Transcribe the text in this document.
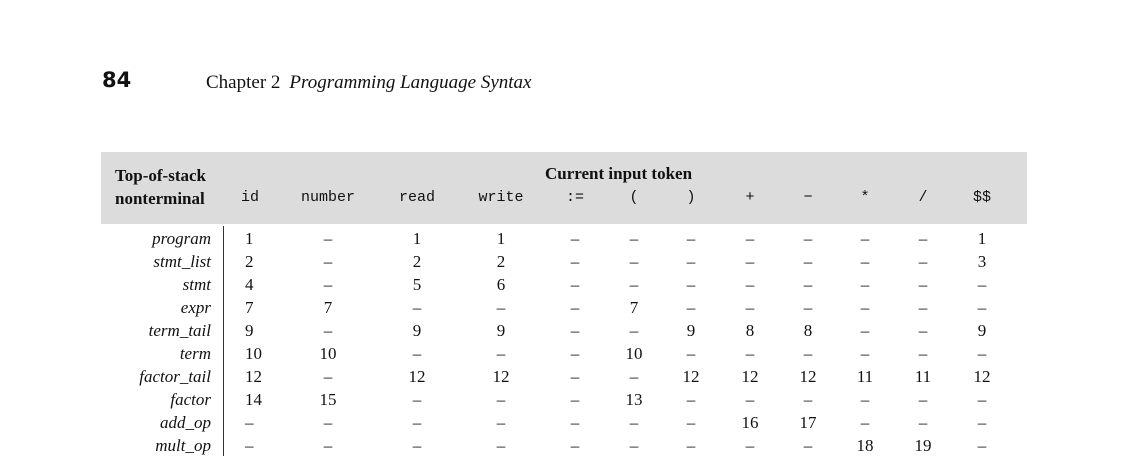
84	Chapter 2 Programming Language Syntax
Top-of-stack
nonterminal
Current input token
id	number	read	write	:=	(	)	+	−	*	/	$$
program 1	–	1	1	–	–	–	–	–	–	–	1
stmt_list 2	–	2	2	–	–	–	–	–	–	–	3
stmt 4	–	5	6	–	–	–	–	–	–	–	–
expr 7	7	–	–	–	7	–	–	–	–	–	–
term_tail 9	–	9	9	–	–	9	8	8	–	–	9
term 10	10	–	–	–	10	–	–	–	–	–	–
factor_tail 12	–	12	12	–	–	12 12 12 11 11 12
factor 14	15	–	–	–	13	–	–	–	–	–	–
add_op –	–	–	–	–	–	–	16 17	–	–	–
mult_op –	–	–	–	–	–	–	–	–	18 19	–
